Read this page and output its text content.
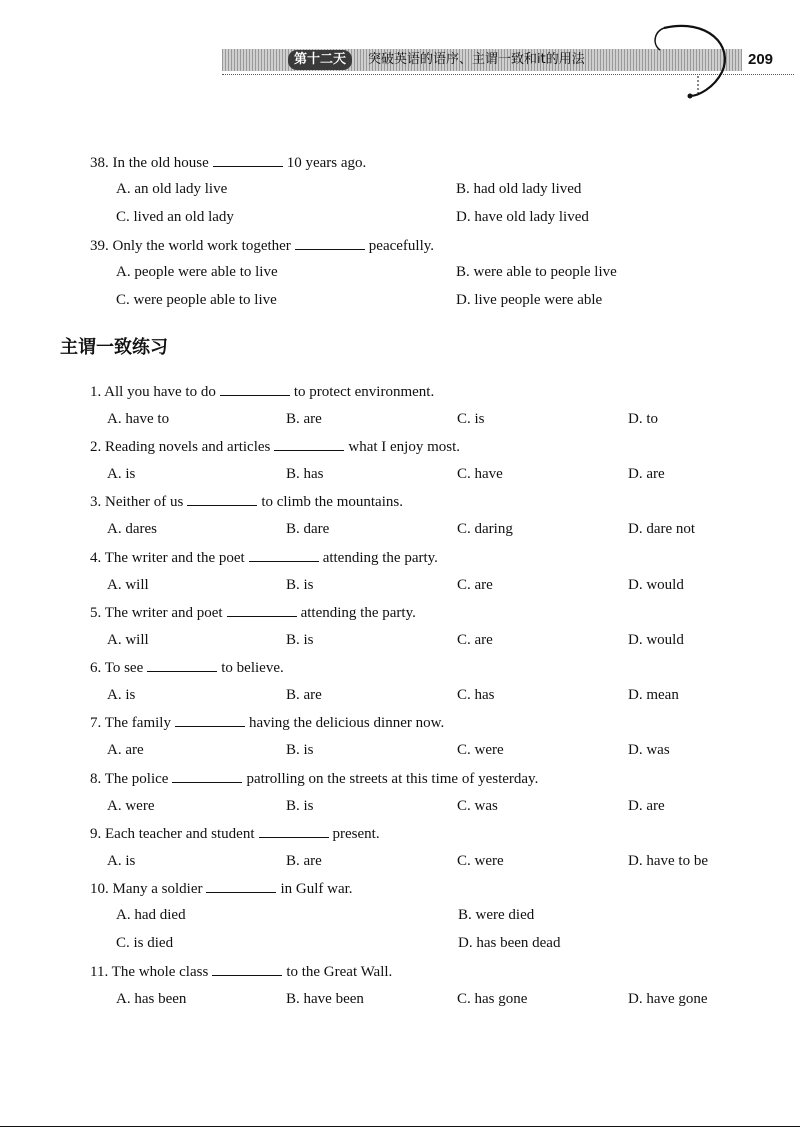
第十二天	突破英语的语序、主谓一致和it的用法	209
38. In the old house	10 years ago.
A. an old lady live	B. had old lady lived
C. lived an old lady	D. have old lady lived
39. Only the world work together	peacefully.
A. people were able to live	B. were able to people live
C. were people able to live	D. live people were able
主谓一致练习
1. All you have to do	to protect environment.
A. have to	B. are	C. is	D. to
2. Reading novels and articles	what I enjoy most.
A. is	B. has	C. have	D. are
3. Neither of us	to climb the mountains.
A. dares	B. dare	C. daring	D. dare not
4. The writer and the poet	attending the party.
A. will	B. is	C. are	D. would
5. The writer and poet	attending the party.
A. will	B. is	C. are	D. would
6. To see	to believe.
A. is	B. are	C. has	D. mean
7. The family	having the delicious dinner now.
A. are	B. is	C. were	D. was
8. The police	patrolling on the streets at this time of yesterday.
A. were	B. is	C. was	D. are
9. Each teacher and student	present.
A. is	B. are	C. were	D. have to be
10. Many a soldier	in Gulf war.
A. had died	B. were died
C. is died	D. has been dead
11. The whole class	to the Great Wall.
A. has been	B. have been	C. has gone	D. have gone
